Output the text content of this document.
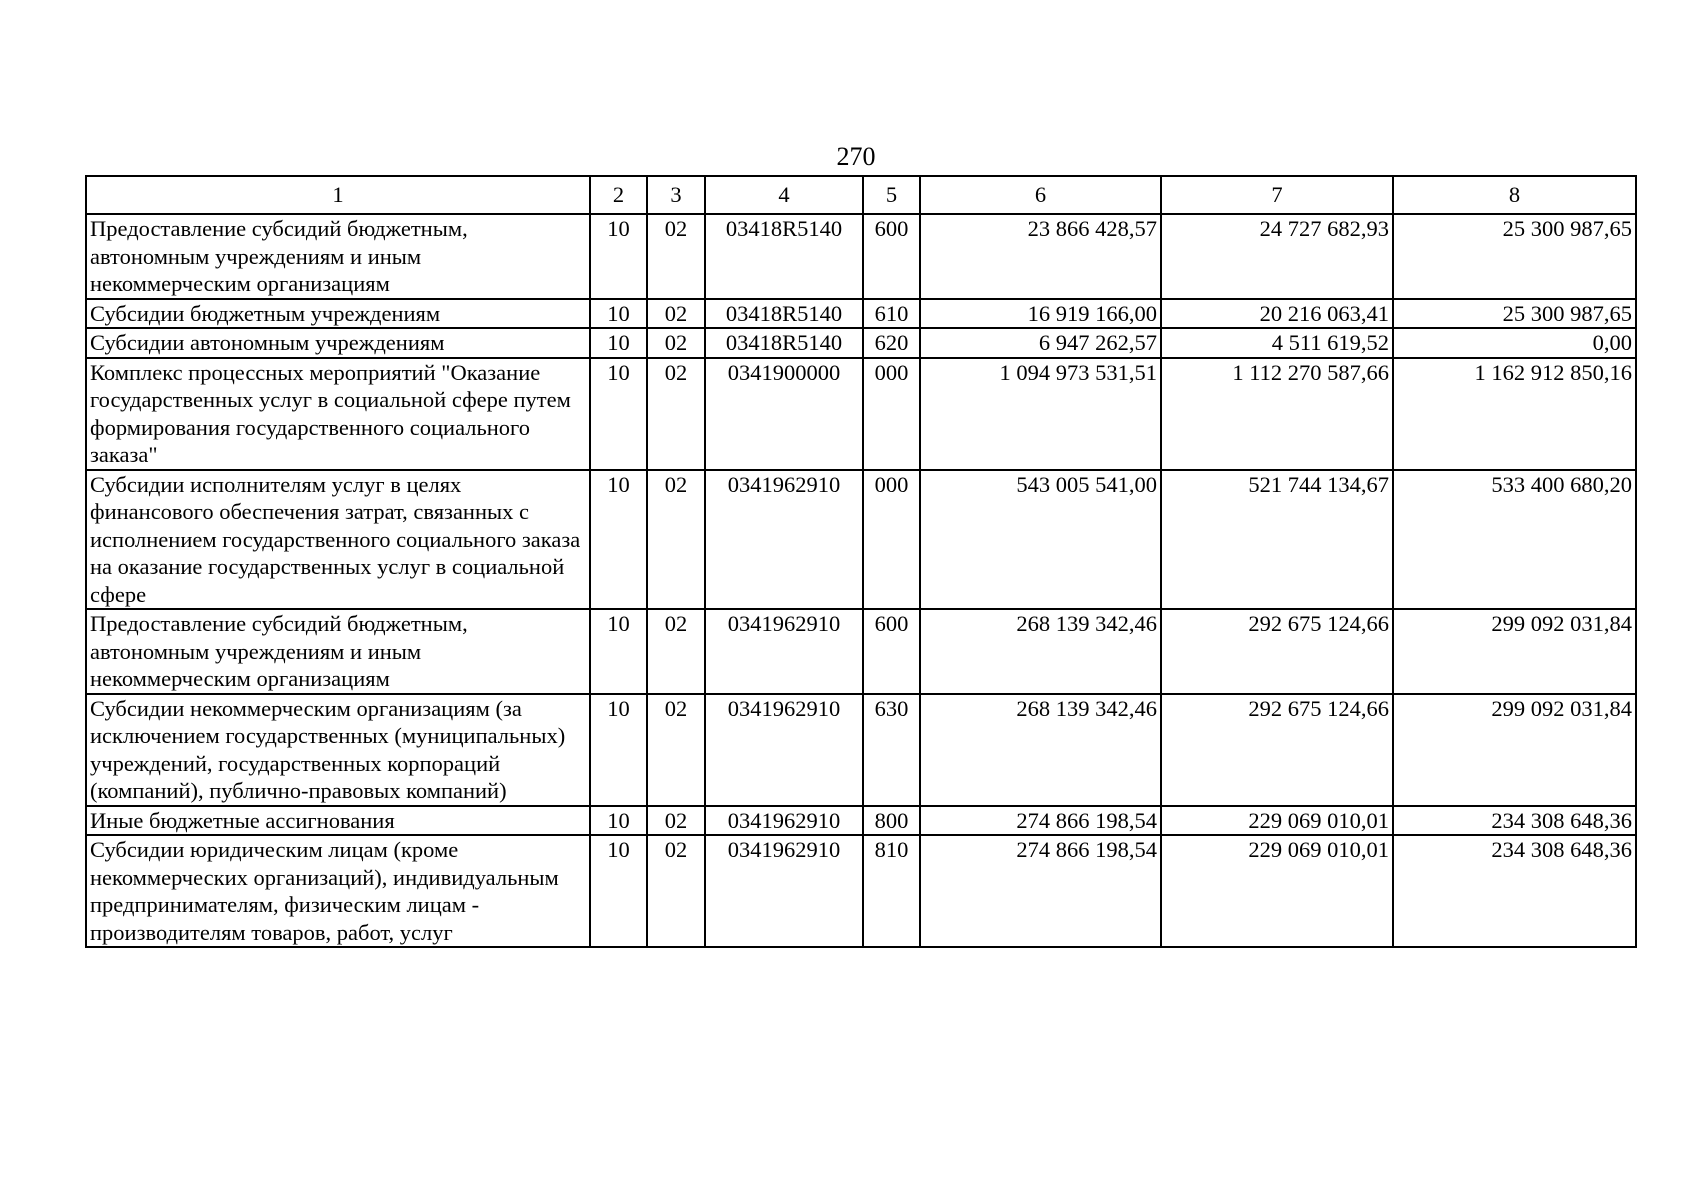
270
1	2	3	4	5	6	7	8
Предоставление субсидий бюджетным, автономным учреждениям и иным некоммерческим организациям	10	02	03418R5140	600	23 866 428,57	24 727 682,93	25 300 987,65
Субсидии бюджетным учреждениям	10	02	03418R5140	610	16 919 166,00	20 216 063,41	25 300 987,65
Субсидии автономным учреждениям	10	02	03418R5140	620	6 947 262,57	4 511 619,52	0,00
Комплекс процессных мероприятий "Оказание государственных услуг в социальной сфере путем формирования государственного социального заказа"	10	02	0341900000	000	1 094 973 531,51	1 112 270 587,66	1 162 912 850,16
Субсидии исполнителям услуг в целях финансового обеспечения затрат, связанных с исполнением государственного социального заказа на оказание государственных услуг в социальной сфере	10	02	0341962910	000	543 005 541,00	521 744 134,67	533 400 680,20
Предоставление субсидий бюджетным, автономным учреждениям и иным некоммерческим организациям	10	02	0341962910	600	268 139 342,46	292 675 124,66	299 092 031,84
Субсидии некоммерческим организациям (за исключением государственных (муниципальных) учреждений, государственных корпораций (компаний), публично-правовых компаний)	10	02	0341962910	630	268 139 342,46	292 675 124,66	299 092 031,84
Иные бюджетные ассигнования	10	02	0341962910	800	274 866 198,54	229 069 010,01	234 308 648,36
Субсидии юридическим лицам (кроме некоммерческих организаций), индивидуальным предпринимателям, физическим лицам - производителям товаров, работ, услуг	10	02	0341962910	810	274 866 198,54	229 069 010,01	234 308 648,36
